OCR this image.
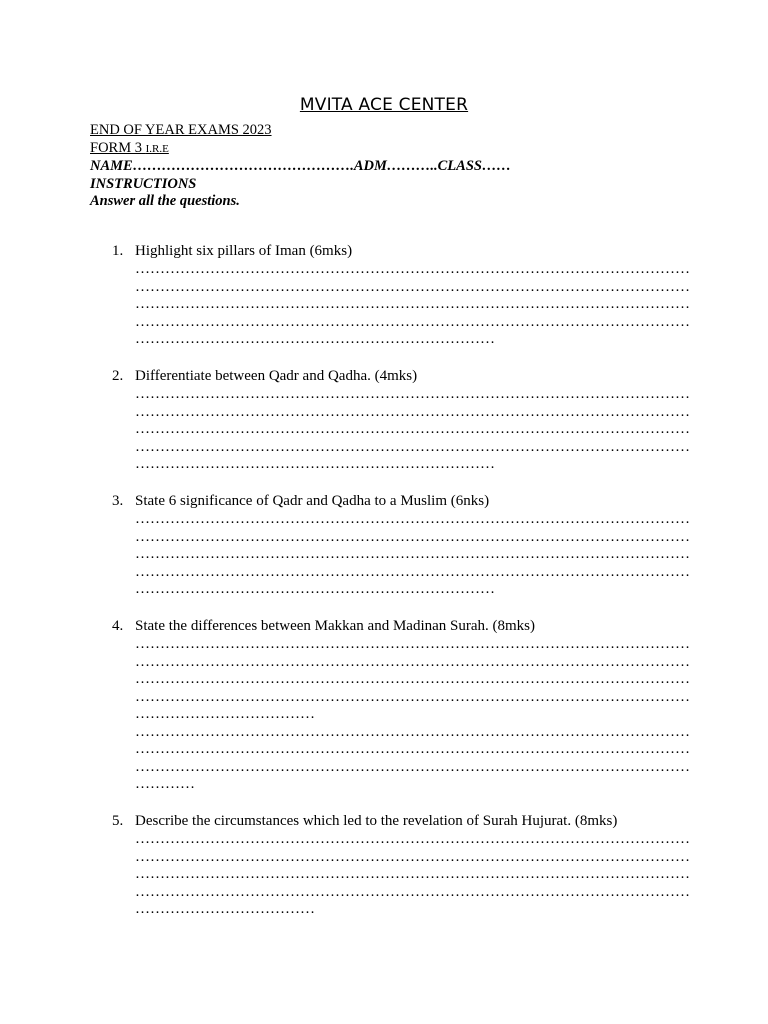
MVITA ACE CENTER
END OF YEAR EXAMS 2023
FORM 3 I.R.E
NAME……………………………………….ADM………..CLASS……
INSTRUCTIONS
Answer all the questions.
1. Highlight six pillars of Iman (6mks)
…………………………………………………………………………………………………
…………………………………………………………………………………………………
…………………………………………………………………………………………………
…………………………………………………………………………………………………
………………………………………………………………
2. Differentiate between Qadr and Qadha. (4mks)
…………………………………………………………………………………………………
…………………………………………………………………………………………………
…………………………………………………………………………………………………
…………………………………………………………………………………………………
………………………………………………………………
3. State 6 significance of Qadr and Qadha to a Muslim (6nks)
…………………………………………………………………………………………………
…………………………………………………………………………………………………
…………………………………………………………………………………………………
…………………………………………………………………………………………………
………………………………………………………………
4. State the differences between Makkan and Madinan Surah. (8mks)
…………………………………………………………………………………………………
…………………………………………………………………………………………………
…………………………………………………………………………………………………
…………………………………………………………………………………………………
………………………………
…………………………………………………………………………………………………
…………………………………………………………………………………………………
…………………………………………………………………………………………………
…………
5. Describe the circumstances which led to the revelation of Surah Hujurat. (8mks)
…………………………………………………………………………………………………
…………………………………………………………………………………………………
…………………………………………………………………………………………………
…………………………………………………………………………………………………
………………………………
